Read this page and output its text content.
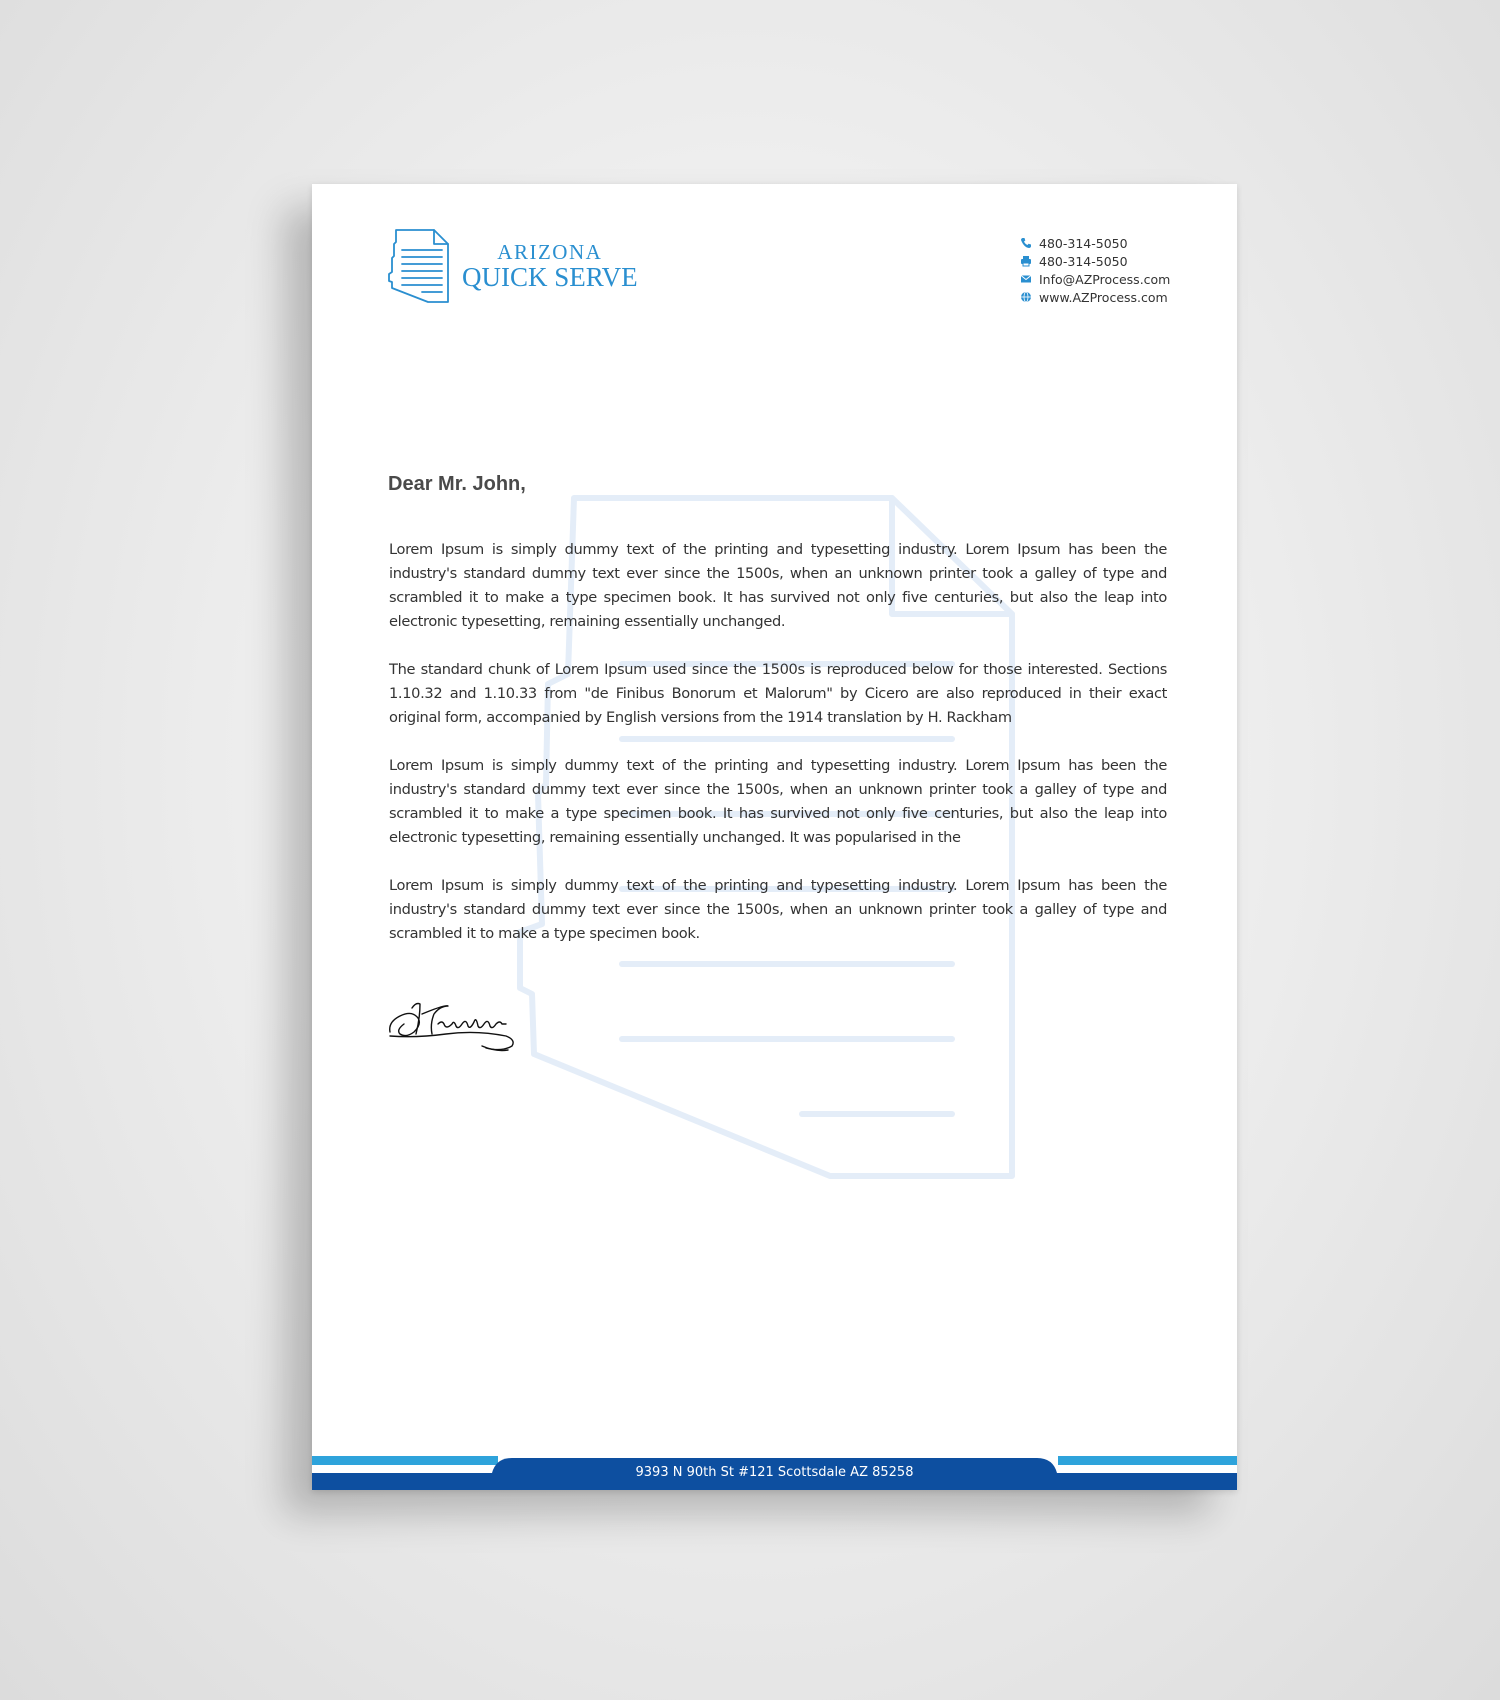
ARIZONA
QUICK SERVE
480-314-5050
480-314-5050
Info@AZProcess.com
www.AZProcess.com
Dear Mr. John,

Lorem Ipsum is simply dummy text of the printing and typesetting industry. Lorem Ipsum has been the industry's standard dummy text ever since the 1500s, when an unknown printer took a galley of type and scrambled it to make a type specimen book. It has survived not only five centuries, but also the leap into electronic typesetting, remaining essentially unchanged.

The standard chunk of Lorem Ipsum used since the 1500s is reproduced below for those interested. Sections 1.10.32 and 1.10.33 from "de Finibus Bonorum et Malorum" by Cicero are also reproduced in their exact original form, accompanied by English versions from the 1914 translation by H. Rackham

Lorem Ipsum is simply dummy text of the printing and typesetting industry. Lorem Ipsum has been the industry's standard dummy text ever since the 1500s, when an unknown printer took a galley of type and scrambled it to make a type specimen book. It has survived not only five centuries, but also the leap into electronic typesetting, remaining essentially unchanged. It was popularised in the

Lorem Ipsum is simply dummy text of the printing and typesetting industry. Lorem Ipsum has been the industry's standard dummy text ever since the 1500s, when an unknown printer took a galley of type and scrambled it to make a type specimen book.

9393 N 90th St #121 Scottsdale AZ 85258
